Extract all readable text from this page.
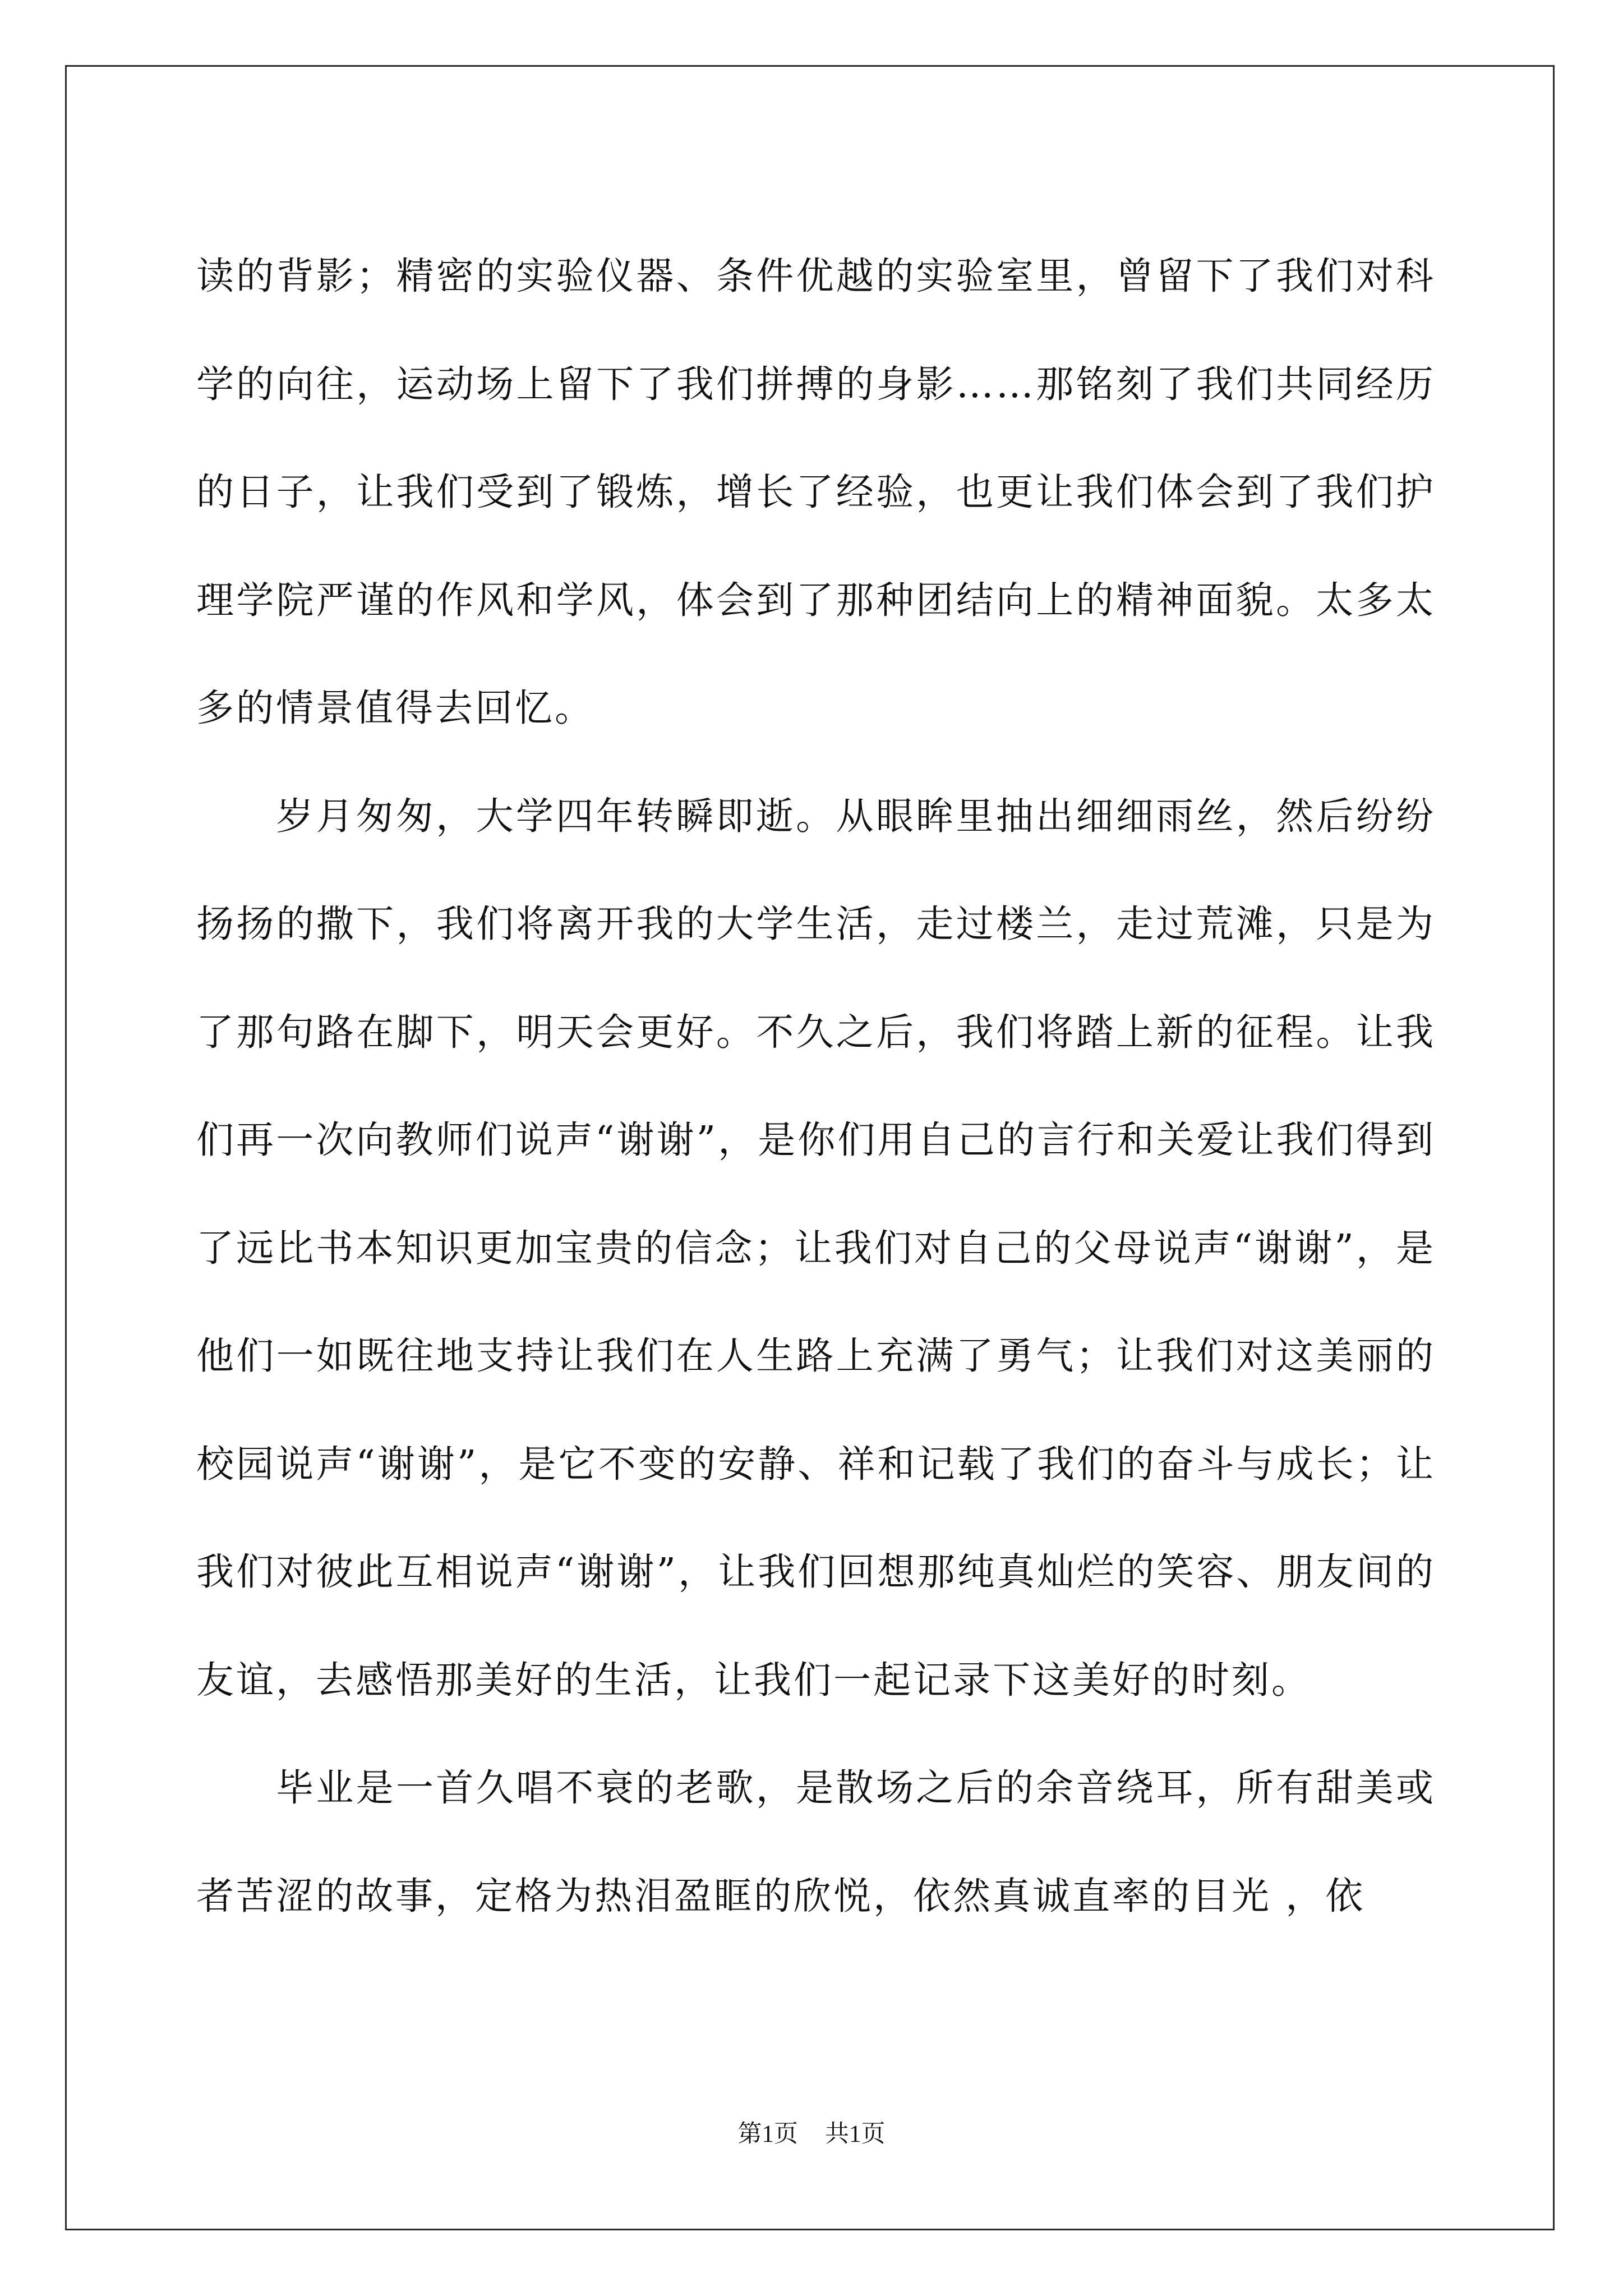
读的背影；精密的实验仪器、条件优越的实验室里，曾留下了我们对科学的向往，运动场上留下了我们拼搏的身影……那铭刻了我们共同经历的日子，让我们受到了锻炼，增长了经验，也更让我们体会到了我们护理学院严谨的作风和学风，体会到了那种团结向上的精神面貌。太多太多的情景值得去回忆。

岁月匆匆，大学四年转瞬即逝。从眼眸里抽出细细雨丝，然后纷纷扬扬的撒下，我们将离开我的大学生活，走过楼兰，走过荒滩，只是为了那句路在脚下，明天会更好。不久之后，我们将踏上新的征程。让我们再一次向教师们说声“谢谢”，是你们用自己的言行和关爱让我们得到了远比书本知识更加宝贵的信念；让我们对自己的父母说声“谢谢”，是他们一如既往地支持让我们在人生路上充满了勇气；让我们对这美丽的校园说声“谢谢”，是它不变的安静、祥和记载了我们的奋斗与成长；让我们对彼此互相说声“谢谢”，让我们回想那纯真灿烂的笑容、朋友间的友谊，去感悟那美好的生活，让我们一起记录下这美好的时刻。

毕业是一首久唱不衰的老歌，是散场之后的余音绕耳，所有甜美或者苦涩的故事，定格为热泪盈眶的欣悦，依然真诚直率的目光 ，依

第1页 共1页
